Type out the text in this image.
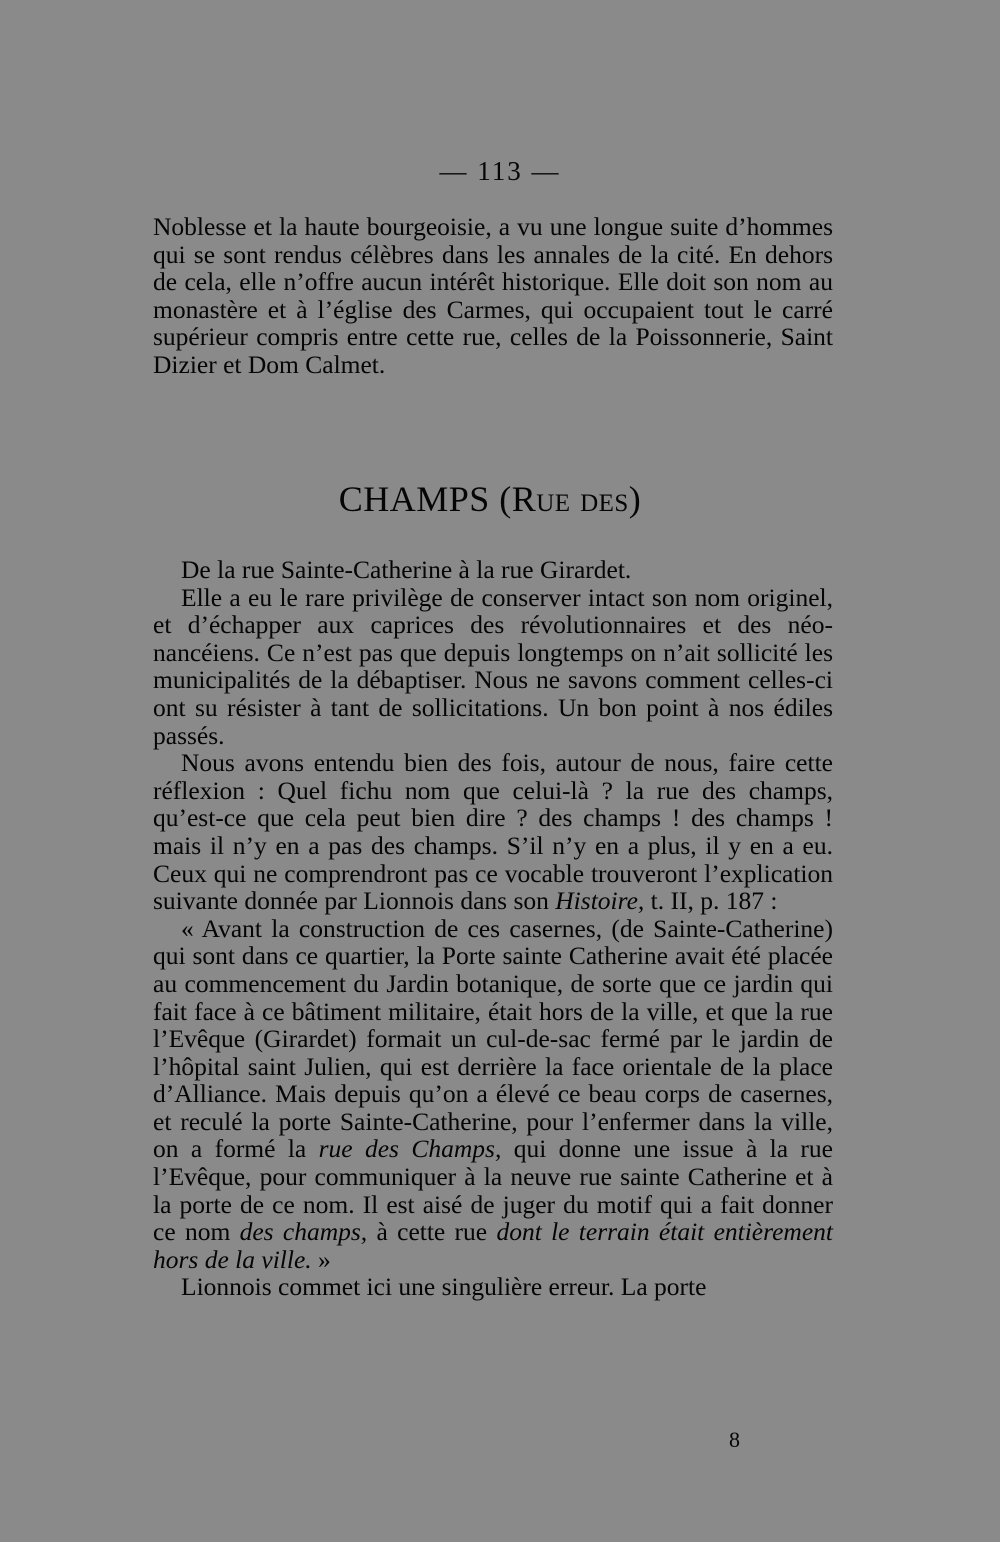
— 113 —

Noblesse et la haute bourgeoisie, a vu une longue suite d’hommes qui se sont rendus célèbres dans les annales de la cité. En dehors de cela, elle n’offre aucun intérêt historique. Elle doit son nom au monastère et à l’église des Carmes, qui occupaient tout le carré supérieur compris entre cette rue, celles de la Poissonnerie, Saint Dizier et Dom Calmet.

CHAMPS (Rue des)

De la rue Sainte-Catherine à la rue Girardet.

Elle a eu le rare privilège de conserver intact son nom originel, et d’échapper aux caprices des révolutionnaires et des néo-nancéiens. Ce n’est pas que depuis longtemps on n’ait sollicité les municipalités de la débaptiser. Nous ne savons comment celles-ci ont su résister à tant de sollicitations. Un bon point à nos édiles passés.

Nous avons entendu bien des fois, autour de nous, faire cette réflexion : Quel fichu nom que celui-là ? la rue des champs, qu’est-ce que cela peut bien dire ? des champs ! des champs ! mais il n’y en a pas des champs. S’il n’y en a plus, il y en a eu. Ceux qui ne comprendront pas ce vocable trouveront l’explication suivante donnée par Lionnois dans son Histoire, t. II, p. 187 :

« Avant la construction de ces casernes, (de Sainte-Catherine) qui sont dans ce quartier, la Porte sainte Catherine avait été placée au commencement du Jardin botanique, de sorte que ce jardin qui fait face à ce bâtiment militaire, était hors de la ville, et que la rue l’Evêque (Girardet) formait un cul-de-sac fermé par le jardin de l’hôpital saint Julien, qui est derrière la face orientale de la place d’Alliance. Mais depuis qu’on a élevé ce beau corps de casernes, et reculé la porte Sainte-Catherine, pour l’enfermer dans la ville, on a formé la rue des Champs, qui donne une issue à la rue l’Evêque, pour communiquer à la neuve rue sainte Catherine et à la porte de ce nom. Il est aisé de juger du motif qui a fait donner ce nom des champs, à cette rue dont le terrain était entièrement hors de la ville. »

Lionnois commet ici une singulière erreur. La porte

8
